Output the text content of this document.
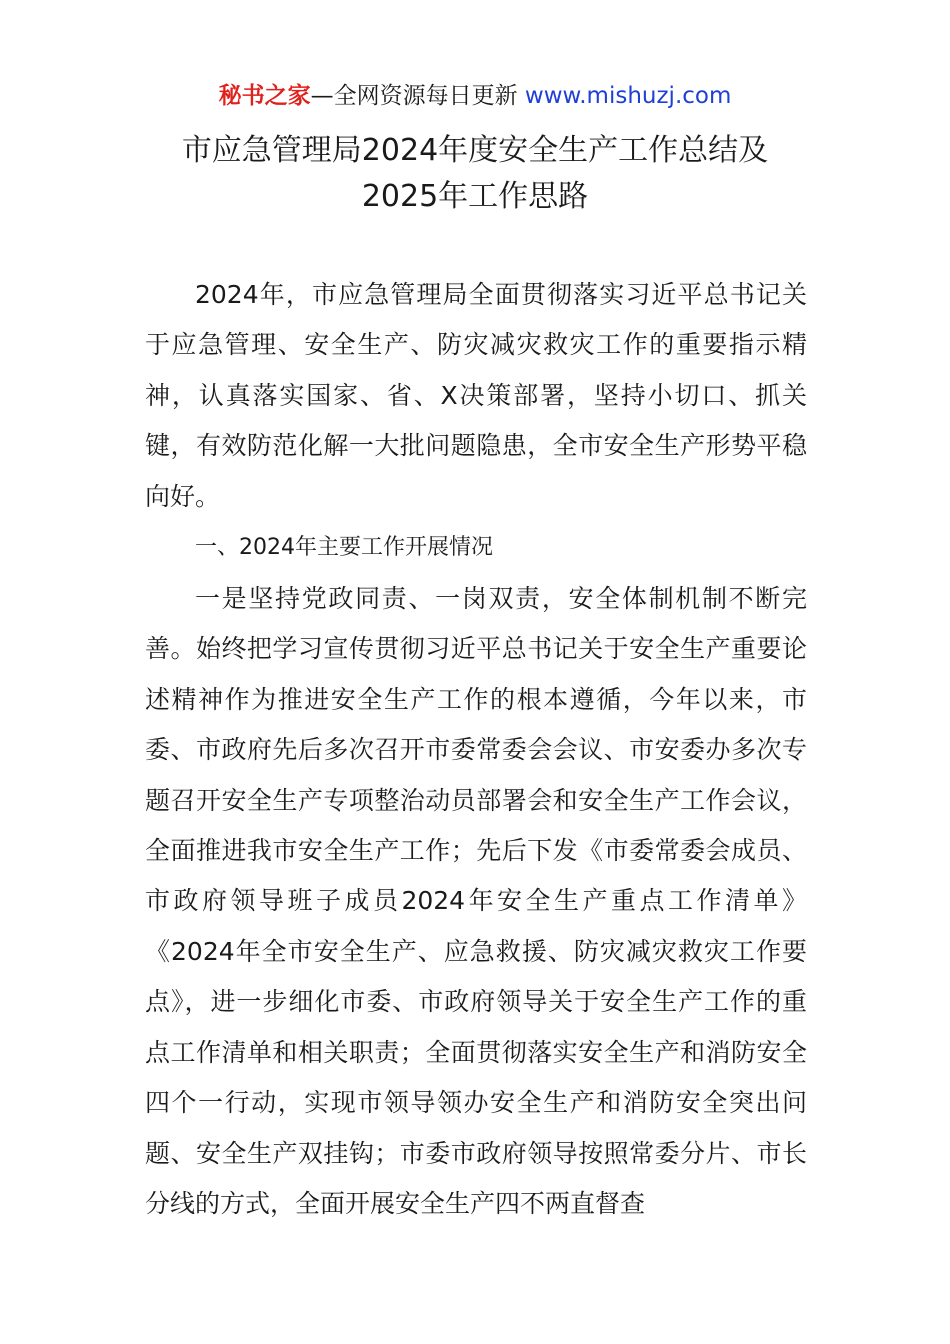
秘书之家—全网资源每日更新 www.mishuzj.com
市应急管理局2024年度安全生产工作总结及
2025年工作思路

2024年，市应急管理局全面贯彻落实习近平总书记关于应急管理、安全生产、防灾减灾救灾工作的重要指示精神，认真落实国家、省、X决策部署，坚持小切口、抓关键，有效防范化解一大批问题隐患，全市安全生产形势平稳向好。

一、2024年主要工作开展情况

一是坚持党政同责、一岗双责，安全体制机制不断完善。始终把学习宣传贯彻习近平总书记关于安全生产重要论述精神作为推进安全生产工作的根本遵循，今年以来，市委、市政府先后多次召开市委常委会会议、市安委办多次专题召开安全生产专项整治动员部署会和安全生产工作会议，全面推进我市安全生产工作；先后下发《市委常委会成员、市政府领导班子成员2024年安全生产重点工作清单》《2024年全市安全生产、应急救援、防灾减灾救灾工作要点》，进一步细化市委、市政府领导关于安全生产工作的重点工作清单和相关职责；全面贯彻落实安全生产和消防安全四个一行动，实现市领导领办安全生产和消防安全突出问题、安全生产双挂钩；市委市政府领导按照常委分片、市长分线的方式，全面开展安全生产四不两直督查
